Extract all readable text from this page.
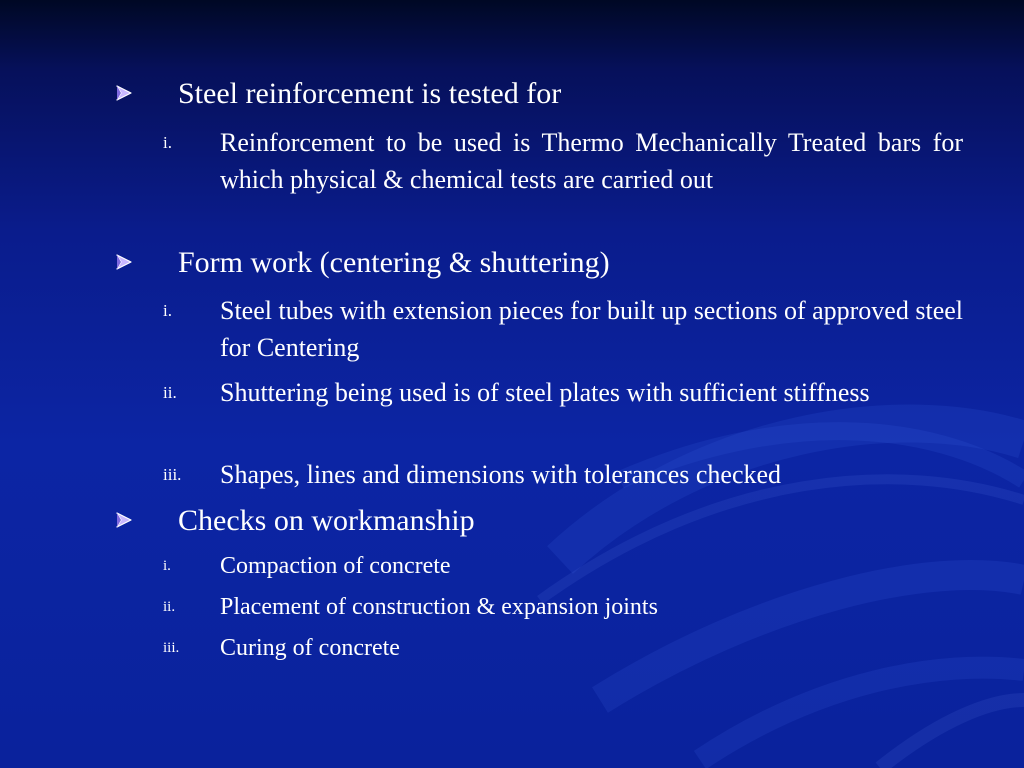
Steel reinforcement is tested for
i.	Reinforcement to be used is Thermo Mechanically Treated bars for which physical & chemical tests are carried out
Form work (centering & shuttering)
i.	Steel tubes with extension pieces for built up sections of approved steel for Centering
ii.	Shuttering being used is of steel plates with sufficient stiffness
iii.	Shapes, lines and dimensions with tolerances checked
Checks on workmanship
i.	Compaction of concrete
ii.	Placement of construction & expansion joints
iii.	Curing of concrete
